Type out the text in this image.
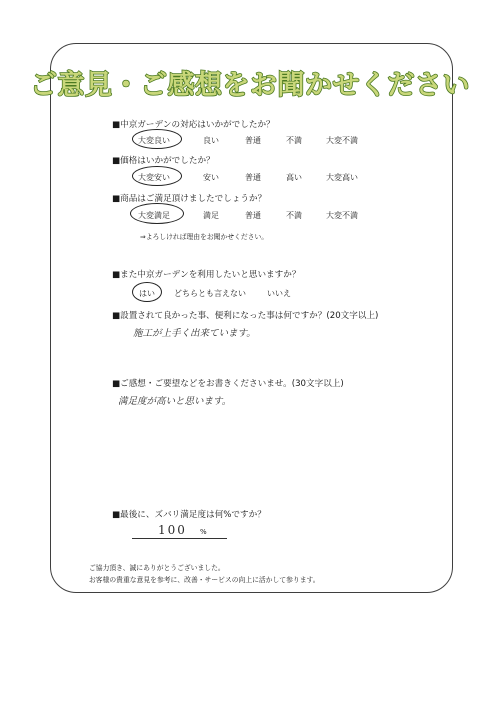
ご意見・ご感想をお聞かせください
■中京ガーデンの対応はいかがでしたか？
大変良い	良い	普通	不満	大変不満
■価格はいかがでしたか？
大変安い	安い	普通	高い	大変高い
■商品はご満足頂けましたでしょうか？
大変満足	満足	普通	不満	大変不満
⇒よろしければ理由をお聞かせください。
■また中京ガーデンを利用したいと思いますか？
はい どちらとも言えない	いいえ
■設置されて良かった事、便利になった事は何ですか？(20文字以上)
施工が上手く出来ています。
■ご感想・ご要望などをお書きくださいませ。(30文字以上)
満足度が高いと思います。
■最後に、ズバリ満足度は何%ですか？
100 %
ご協力頂き、誠にありがとうございました。
お客様の貴重な意見を参考に、改善・サービスの向上に活かして参ります。
